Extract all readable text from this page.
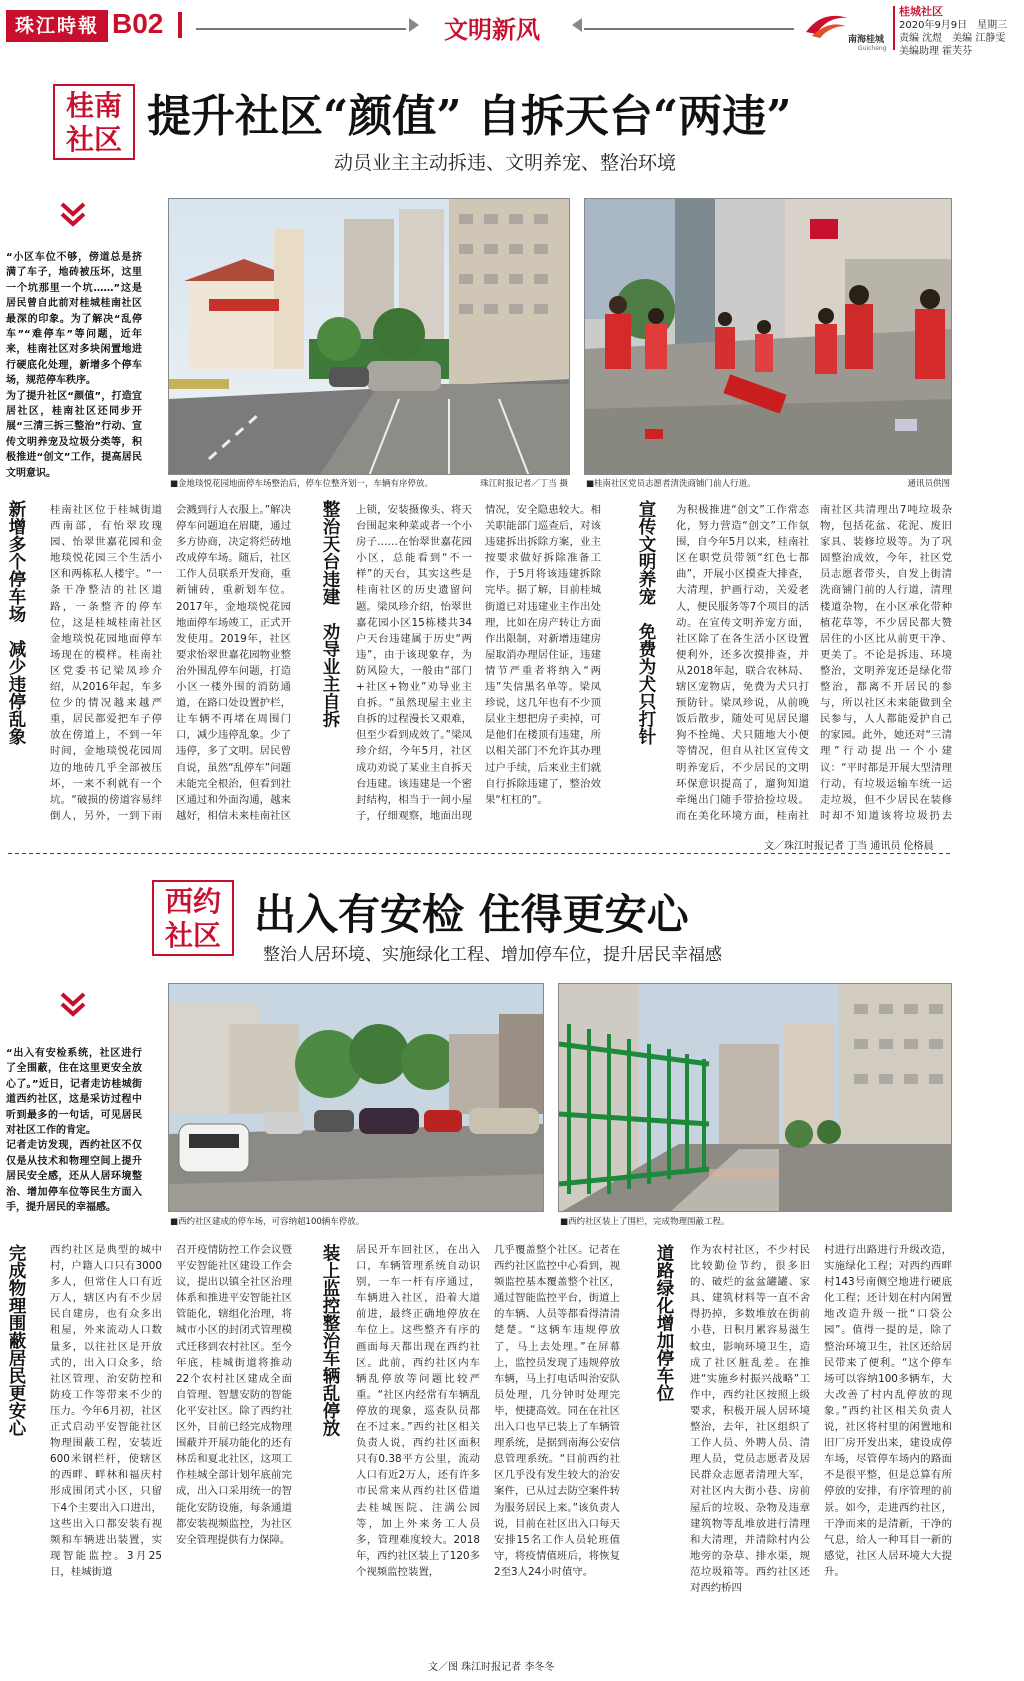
珠江時報 B02	文明新风	南海桂城
Guicheng
桂城社区
2020年9月9日　星期三
责编 沈煜　美编 江静雯
美编助理 霍芙芬
桂南
社区 提升社区“颜值” 自拆天台“两违”
动员业主主动拆违、文明养宠、整治环境

“小区车位不够，傍道总是挤满了车子，地砖被压坏，这里一个坑那里一个坑……”这是居民曾自此前对桂城桂南社区最深的印象。为了解决“乱停车”“难停车”等问题，近年来，桂南社区对多块闲置地进行硬底化处理，新增多个停车场，规范停车秩序。

为了提升社区“颜值”，打造宜居社区，桂南社区还同步开展“三清三拆三整治”行动、宣传文明养宠及垃圾分类等，积极推进“创文”工作，提高居民文明意识。

■金地琰悦花园地面停车场整治后，停车位整齐划一，车辆有序停放。	珠江时报记者／丁当 摄 ■桂南社区党员志愿者清洗商铺门前人行道。	通讯员供图
新增多个停车场　减少违停乱象 桂南社区位于桂城街道西南部，有怡翠玫瑰园、怡翠世嘉花园和金地琰悦花园三个生活小区和两栋私人楼宇。“一条干净整洁的社区道路，一条整齐的停车位，这是桂城桂南社区金地琰悦花园地面停车场现在的模样。桂南社区党委书记梁凤珍介绍，从2016年起，车多位少的情况越来越严重，居民都爱把车子停放在傍道上，不到一年时间，金地琰悦花园周边的地砖几乎全部被压坏，一来不利就有一个坑。“破损的傍道容易绊倒人，另外，一到下雨
会溅到行人衣服上。”解决停车问题迫在眉睫，通过多方协商，决定将烂砖地改成停车场。随后，社区工作人员联系开发商，重新铺砖，重新划车位。2017年，金地琰悦花园地面停车场竣工，正式开发使用。2019年，社区要求怡翠世嘉花园物业整治外围乱停车问题，打造小区一楼外围的消防通道，在路口处设置护栏，让车辆不再堵在周围门口，减少违停乱象。少了违停，多了文明。居民曾自说，虽然“乱停车”问题未能完全根治，但看到社区通过和外面沟通，越来越好，相信未来桂南社区
整治天台违建　劝导业主自拆 上锁，安装摄像头、将天台围起来种菜或者一个小房子……在怡翠世嘉花园小区，总能看到“不一样”的天台，其实这些是桂南社区的历史遗留问题。梁凤珍介绍，怡翠世嘉花园小区15栋楼共34户天台违建属于历史“两违”，由于该现象存，为防风险大，一般由“部门+社区+物业”劝导业主自拆。“虽然现屋主业主自拆的过程漫长又艰难，但至少看到成效了。”梁凤珍介绍，今年5月，社区成功劝说了某业主自拆天台违建。该违建是一个密封结构，相当于一间小屋子，仔细观察，地面出现
情况，安全隐患较大。相关职能部门巡查后，对该违建拆出拆除方案，业主按要求做好拆除准备工作，于5月将该违建拆除完毕。据了解，目前桂城街道已对违建业主作出处理，比如在房产转让方面作出限制，对新增违建房屋取消办理居住证，违建情节严重者将纳入“两违”失信黑名单等。梁凤珍说，这几年也有不少顶层业主想把房子卖掉，可是他们在楼顶有违建，所以相关部门不允许其办理过户手续，后来业主们就自行拆除违建了，整治效果“杠杠的”。
宣传文明养宠　免费为犬只打针 为积极推进“创文”工作常态化，努力营造“创文”工作氛围，自今年5月以来，桂南社区在职党员带领“红色七都曲”，开展小区摸查大排查，大清理，护画行动，关爱老人，便民服务等7个项目的活动。在宣传文明养宠方面，社区除了在各生活小区设置便利外，还多次摸排查，并从2018年起，联合农林局、辖区宠物店，免费为犬只打预防针。梁凤珍说，从前晚饭后散步，随处可见居民遛狗不拴绳、犬只随地大小便等情况，但自从社区宣传文明养宠后，不少居民的文明环保意识提高了，遛狗知道牵绳出门随手带拾捡垃圾。而在美化环境方面，桂南社
南社区共清理出7吨垃圾杂物，包括花盆、花泥、废旧家具、装修垃圾等。为了巩固整治成效，今年，社区党员志愿者带头，自发上街清洗商铺门前的人行道，清理楼道杂物，在小区承化带种植花草等，不少居民都大赞居住的小区比从前更干净、更美了。不论是拆违、环境整治，文明养宠还是绿化带整治，都离不开居民的参与，所以社区未来能做到全民参与，人人都能爱护自己的家园。此外，她还对“三清理”行动提出一个小建议：“平时都是开展大型清理行动，有垃圾运输车统一运走垃圾，但不少居民在装修时却不知道该将垃圾扔去
文／珠江时报记者 丁当 通讯员 伦格晨
西约
社区 出入有安检 住得更安心
整治人居环境、实施绿化工程、增加停车位，提升居民幸福感

“出入有安检系统，社区进行了全围蔽，住在这里更安全放心了。”近日，记者走访桂城街道西约社区，这是采访过程中听到最多的一句话，可见居民对社区工作的肯定。

记者走访发现，西约社区不仅仅是从技术和物理空间上提升居民安全感，还从人居环境整治、增加停车位等民生方面入手，提升居民的幸福感。

■西约社区建成的停车场，可容纳超100辆车停放。	■西约社区装上了围栏，完成物理围蔽工程。
完成物理围蔽居民更安心 西约社区是典型的城中村，户籍人口只有3000多人，但常住人口有近万人，辖区内有不少居民自建房，也有众多出租屋，外来流动人口数量多，以往社区是开放式的，出入口众多，给社区管理、治安防控和防疫工作等带来不少的压力。今年6月初，社区正式启动平安智能社区物理围蔽工程，安装近600米钢栏杆，使辖区的西畔、畔林和福庆村形成围闭式小区，只留下4个主要出入口进出，这些出入口都安装有视频和车辆进出装置，实现智能监控。3月25日，桂城街道
召开疫情防控工作会议暨平安智能社区建设工作会议，提出以镇全社区治理体系和推进平安智能社区管能化，辖组化治理，将城市小区的封闭式管理模式迁移到农村社区。至今年底，桂城街道将推动22个农村社区建成全面自管理、智慧安防的智能化平安社区。除了西约社区外，目前已经完成物理围蔽并开展功能化的还有林岳和夏北社区，这项工作桂城全部计划年底前完成，出入口采用统一的智能化安防设施，每条通道都安装视频监控，为社区安全管理提供有力保障。
装上监控整治车辆乱停放 居民开车回社区，在出入口，车辆管理系统自动识别，一车一杆有序通过，车辆进入社区，沿着大道前进，最终正确地停放在车位上。这些整齐有序的画面每天都出现在西约社区。此前，西约社区内车辆乱停放等问题比较严重。“社区内经常有车辆乱停放的现象，巡查队员都在不过来。”西约社区相关负责人说，西约社区面积只有0.38平方公里，流动人口有近2万人，还有许多市民常来从西约社区借道去桂城医院、注满公园等，加上外来务工人员多，管理难度较大。2018年，西约社区装上了120多个视频监控装置，
几乎覆盖整个社区。记者在西约社区监控中心看到，视频监控基本覆盖整个社区，通过智能监控平台，街道上的车辆、人员等都看得清清楚楚。“这辆车违规停放了，马上去处理。”在屏幕上，监控员发现了违规停放车辆，马上打电话叫治安队员处理，几分钟时处理完毕，便捷高效。同在在社区出入口也早已装上了车辆管理系统，是据到南海公安信息管理系统。“目前西约社区几乎没有发生较大的治安案件，已从过去防空案件转为服务居民上来。”该负责人说，目前在社区出入口每天安排15名工作人员轮班值守，将疫情值班后，将恢复2至3人24小时值守。
道路绿化增加停车位 作为农村社区，不少村民比较勤俭节约，很多旧的、破烂的盆盆罐罐、家具、建筑材料等一直不舍得扔掉，多数堆放在街前小巷，日积月累容易滋生蚊虫，影响环境卫生，造成了社区脏乱差。在推进“实施乡村振兴战略”工作中，西约社区按照上级要求，积极开展人居环境整治，去年，社区组织了工作人员、外聘人员、清理人员，党员志愿者及居民群众志愿者清理大军，对社区内大街小巷、房前屋后的垃圾、杂物及违章建筑物等乱堆放进行清理和大清理，并清除村内公地旁的杂草、排水渠，规范垃圾箱等。西约社区还对西约桥四
村进行出路进行升级改造，实施绿化工程；对西约西畔村143号南侧空地进行硬底化工程；还计划在村内闲置地改造升级一批“口袋公园”。值得一提的是，除了整治环境卫生，社区还给居民带来了便利。“这个停车场可以容纳100多辆车，大大改善了村内乱停放的现象。”西约社区相关负责人说，社区将村里的闲置地和旧厂房开发出来，建设成停车场，尽管停车场内的路面不是很平整，但是总算有所停放的安排，有序管理的前景。如今，走进西约社区，干净而来的是清新，干净的气息，给人一种耳目一新的感觉，社区人居环境大大提升。
文／图 珠江时报记者 李冬冬
